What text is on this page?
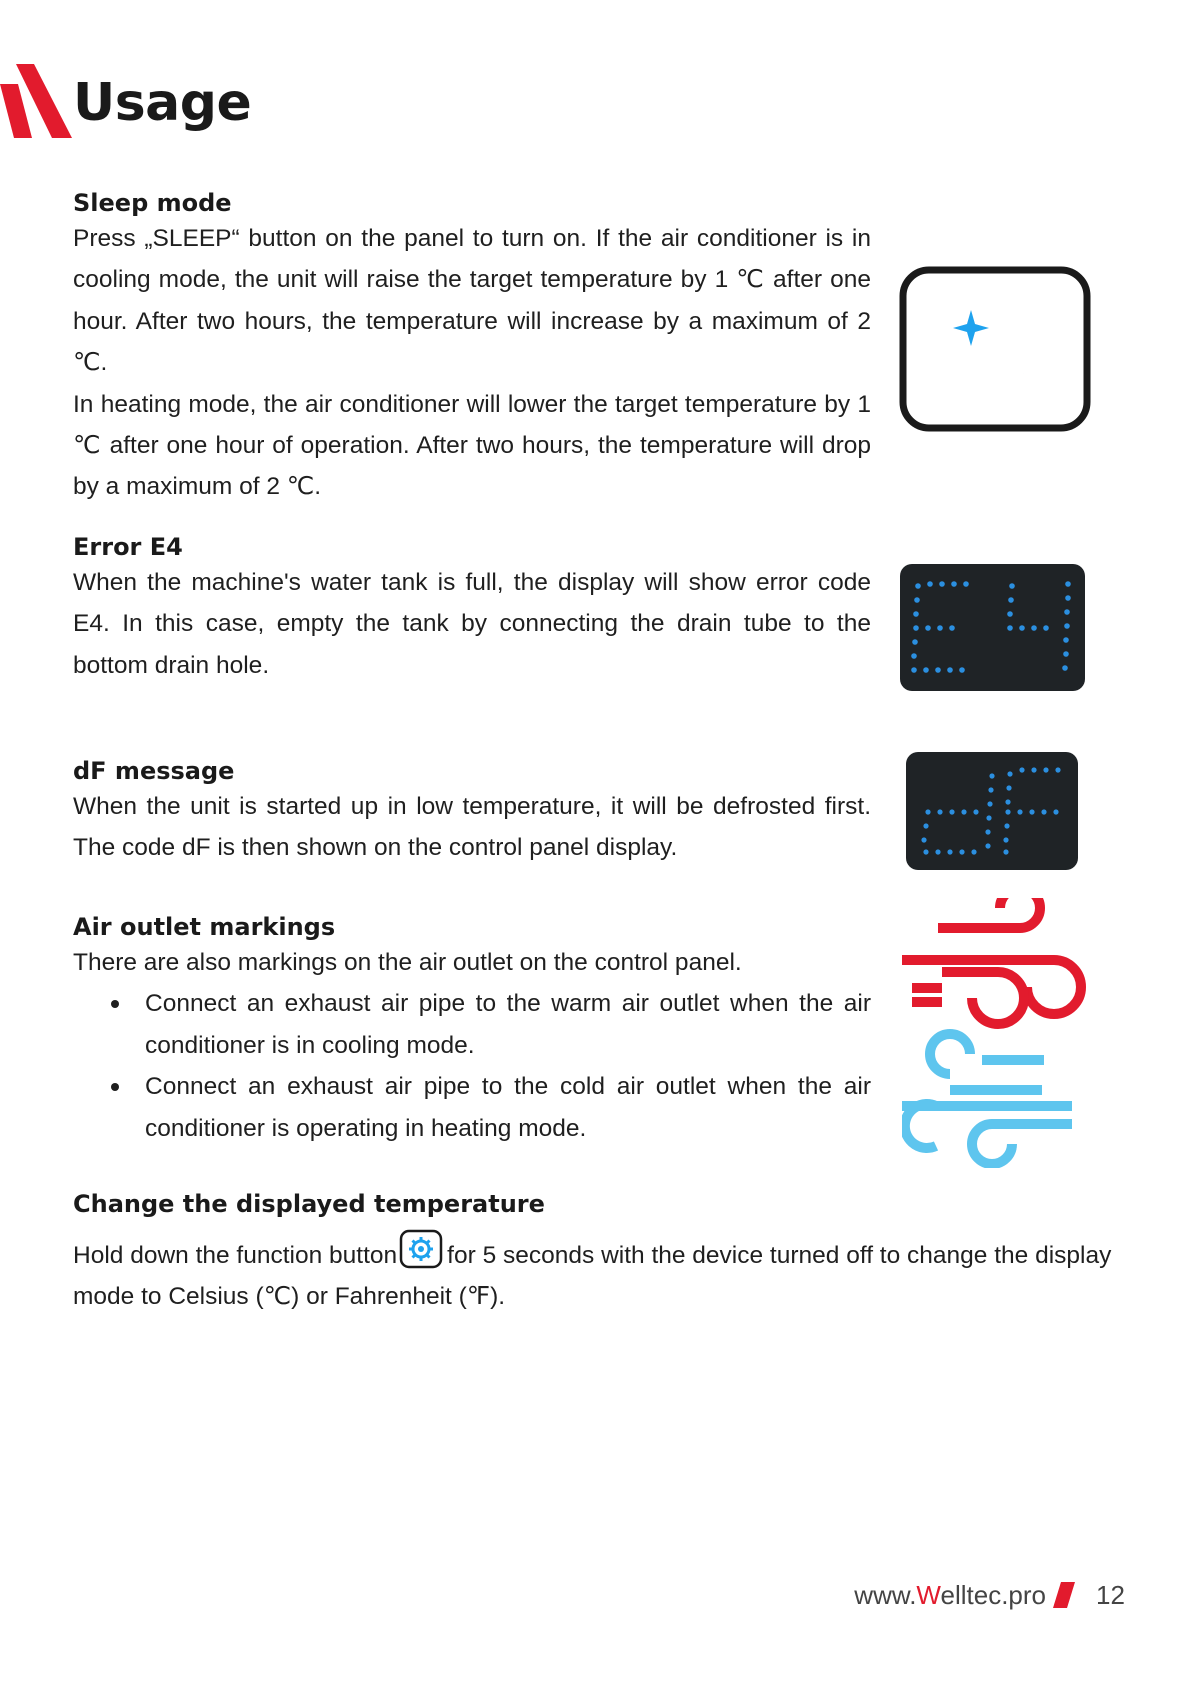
Usage
Sleep mode

Press „SLEEP“ button on the panel to turn on. If the air conditioner is in cooling mode, the unit will raise the target temperature by 1 ℃ after one hour. After two hours, the temperature will increase by a maximum of 2 ℃.

In heating mode, the air conditioner will lower the target temperature by 1 ℃ after one hour of operation. After two hours, the temperature will drop by a maximum of 2 ℃.

Error E4

When the machine's water tank is full, the display will show error code E4. In this case, empty the tank by connecting the drain tube to the bottom drain hole.

dF message

When the unit is started up in low temperature, it will be defrosted first. The code dF is then shown on the control panel display.

Air outlet markings

There are also markings on the air outlet on the control panel.

Connect an exhaust air pipe to the warm air outlet when the air conditioner is in cooling mode.

Connect an exhaust air pipe to the cold air outlet when the air conditioner is operating in heating mode.

Change the displayed temperature

Hold down the function button for 5 seconds with the device turned off to change the display mode to Celsius (℃) or Fahrenheit (℉).

www.Welltec.pro 12
